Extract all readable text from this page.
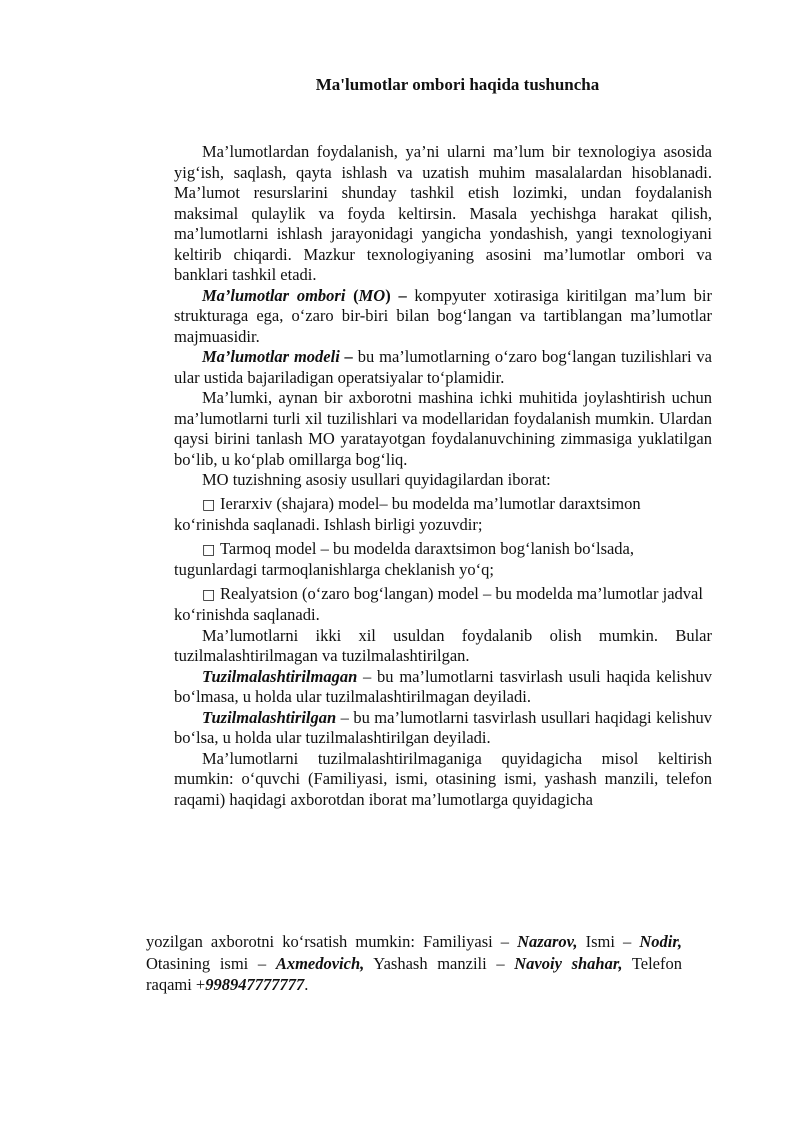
Ma'lumotlar ombori haqida tushuncha

Ma’lumotlardan foydalanish, ya’ni ularni ma’lum bir texnologiya asosida yig‘ish, saqlash, qayta ishlash va uzatish muhim masalalardan hisoblanadi. Ma’lumot resurslarini shunday tashkil etish lozimki, undan foydalanish maksimal qulaylik va foyda keltirsin. Masala yechishga harakat qilish, ma’lumotlarni ishlash jarayonidagi yangicha yondashish, yangi texnologiyani keltirib chiqardi. Mazkur texnologiyaning asosini ma’lumotlar ombori va banklari tashkil etadi.

Ma’lumotlar ombori (MO) – kompyuter xotirasiga kiritilgan ma’lum bir strukturaga ega, o‘zaro bir-biri bilan bog‘langan va tartiblangan ma’lumotlar majmuasidir.

Ma’lumotlar modeli – bu ma’lumotlarning o‘zaro bog‘langan tuzilishlari va ular ustida bajariladigan operatsiyalar to‘plamidir.

Ma’lumki, aynan bir axborotni mashina ichki muhitida joylashtirish uchun ma’lumotlarni turli xil tuzilishlari va modellaridan foydalanish mumkin. Ulardan qaysi birini tanlash MO yaratayotgan foydalanuvchining zimmasiga yuklatilgan bo‘lib, u ko‘plab omillarga bog‘liq.

MO tuzishning asosiy usullari quyidagilardan iborat:

□ Ierarxiv (shajara) model– bu modelda ma’lumotlar daraxtsimon ko‘rinishda saqlanadi. Ishlash birligi yozuvdir;

□ Tarmoq model – bu modelda daraxtsimon bog‘lanish bo‘lsada, tugunlardagi tarmoqlanishlarga cheklanish yo‘q;

□ Realyatsion (o‘zaro bog‘langan) model – bu modelda ma’lumotlar jadval ko‘rinishda saqlanadi.

Ma’lumotlarni ikki xil usuldan foydalanib olish mumkin. Bular tuzilmalashtirilmagan va tuzilmalashtirilgan.

Tuzilmalashtirilmagan – bu ma’lumotlarni tasvirlash usuli haqida kelishuv bo‘lmasa, u holda ular tuzilmalashtirilmagan deyiladi.

Tuzilmalashtirilgan – bu ma’lumotlarni tasvirlash usullari haqidagi kelishuv bo‘lsa, u holda ular tuzilmalashtirilgan deyiladi.

Ma’lumotlarni tuzilmalashtirilmaganiga quyidagicha misol keltirish mumkin: o‘quvchi (Familiyasi, ismi, otasining ismi, yashash manzili, telefon raqami) haqidagi axborotdan iborat ma’lumotlarga quyidagicha

yozilgan axborotni ko‘rsatish mumkin: Familiyasi – Nazarov, Ismi – Nodir, Otasining ismi – Axmedovich, Yashash manzili – Navoiy shahar, Telefon raqami +998947777777.
